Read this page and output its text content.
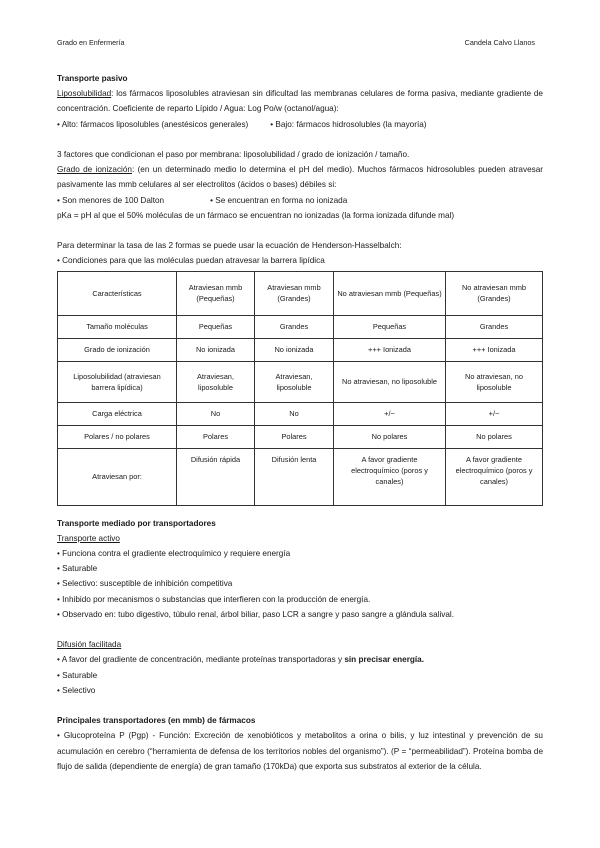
Grado en Enfermería	Candela Calvo Llanos

Transporte pasivo

Liposolubilidad: los fármacos liposolubles atraviesan sin dificultad las membranas celulares de forma pasiva, mediante gradiente de concentración. Coeficiente de reparto Lípido / Agua: Log Po/w (octanol/agua):

• Alto: fármacos liposolubles (anestésicos generales)	• Bajo: fármacos hidrosolubles (la mayoría)

3 factores que condicionan el paso por membrana: liposolubilidad / grado de ionización / tamaño.

Grado de ionización: (en un determinado medio lo determina el pH del medio). Muchos fármacos hidrosolubles pueden atravesar pasivamente las mmb celulares al ser electrolitos (ácidos o bases) débiles si:

• Son menores de 100 Dalton	• Se encuentran en forma no ionizada

pKa = pH al que el 50% moléculas de un fármaco se encuentran no ionizadas (la forma ionizada difunde mal)

Para determinar la tasa de las 2 formas se puede usar la ecuación de Henderson-Hasselbalch:

• Condiciones para que las moléculas puedan atravesar la barrera lipídica

Características	Atraviesan mmb (Pequeñas)	Atraviesan mmb (Grandes)	No atraviesan mmb (Pequeñas)	No atraviesan mmb (Grandes)
Tamaño moléculas	Pequeñas	Grandes	Pequeñas	Grandes
Grado de ionización	No ionizada	No ionizada	+++ Ionizada	+++ Ionizada
Liposolubilidad (atraviesan barrera lipídica)	Atraviesan, liposoluble	Atraviesan, liposoluble	No atraviesan, no liposoluble	No atraviesan, no liposoluble
Carga eléctrica	No	No	+/−	+/−
Polares / no polares	Polares	Polares	No polares	No polares
Atraviesan por:	Difusión rápida	Difusión lenta	A favor gradiente electroquímico (poros y canales)	A favor gradiente electroquímico (poros y canales)

Transporte mediado por transportadores

Transporte activo

• Funciona contra el gradiente electroquímico y requiere energía

• Saturable

• Selectivo: susceptible de inhibición competitiva

• Inhibido por mecanismos o substancias que interfieren con la producción de energía.

• Observado en: tubo digestivo, túbulo renal, árbol biliar, paso LCR a sangre y paso sangre a glándula salival.

Difusión facilitada

• A favor del gradiente de concentración, mediante proteínas transportadoras y sin precisar energía.

• Saturable

• Selectivo

Principales transportadores (en mmb) de fármacos

• Glucoproteína P (Pgp) - Función: Excreción de xenobióticos y metabolitos a orina o bilis, y luz intestinal y prevención de su acumulación en cerebro (“herramienta de defensa de los territorios nobles del organismo”). (P = “permeabilidad”). Proteína bomba de flujo de salida (dependiente de energía) de gran tamaño (170kDa) que exporta sus substratos al exterior de la célula.
